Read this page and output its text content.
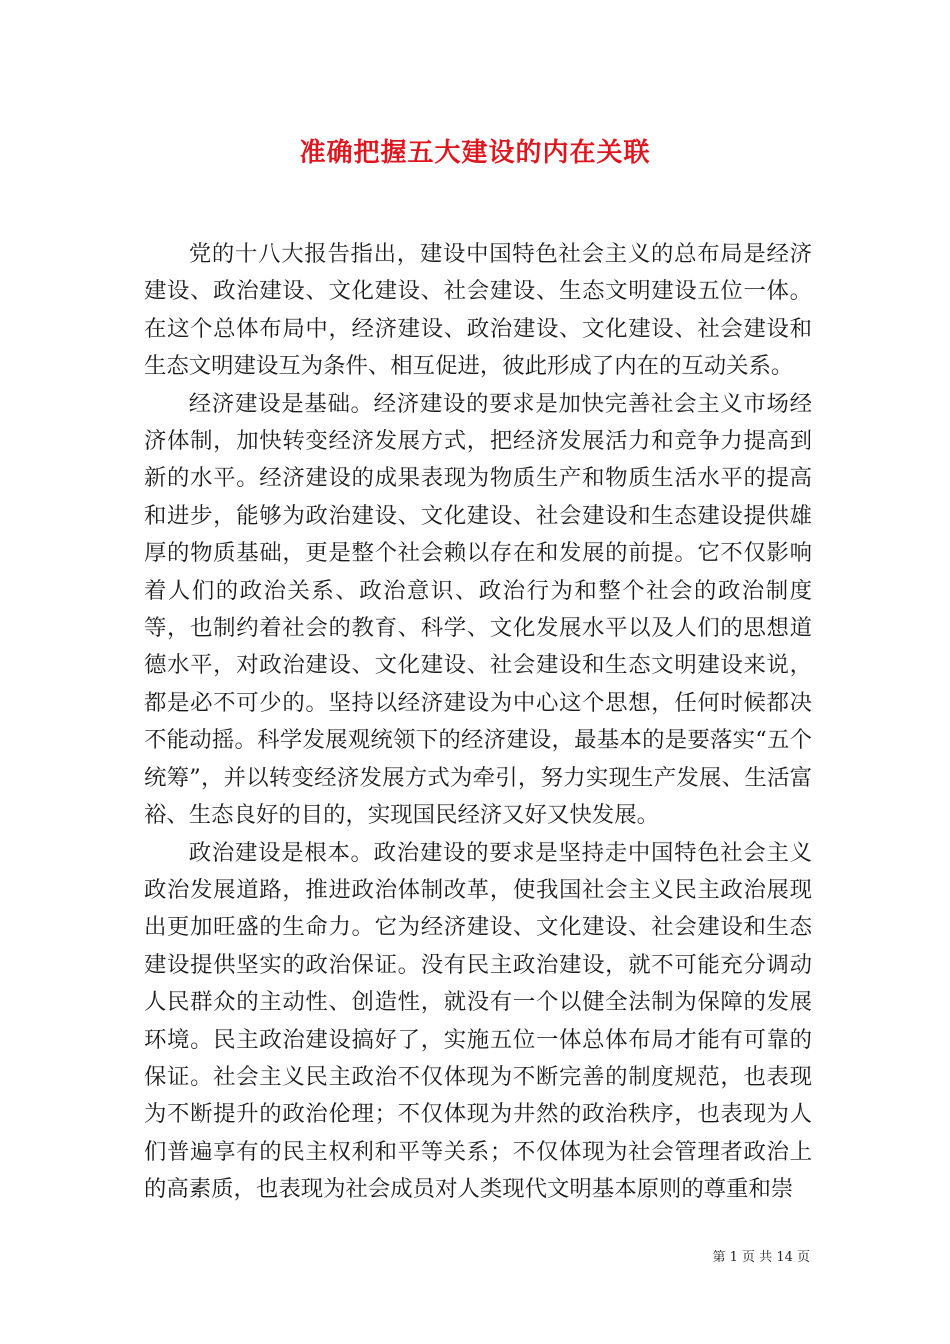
准确把握五大建设的内在关联

党的十八大报告指出，建设中国特色社会主义的总布局是经济建设、政治建设、文化建设、社会建设、生态文明建设五位一体。在这个总体布局中，经济建设、政治建设、文化建设、社会建设和生态文明建设互为条件、相互促进，彼此形成了内在的互动关系。

经济建设是基础。经济建设的要求是加快完善社会主义市场经济体制，加快转变经济发展方式，把经济发展活力和竞争力提高到新的水平。经济建设的成果表现为物质生产和物质生活水平的提高和进步，能够为政治建设、文化建设、社会建设和生态建设提供雄厚的物质基础，更是整个社会赖以存在和发展的前提。它不仅影响着人们的政治关系、政治意识、政治行为和整个社会的政治制度等，也制约着社会的教育、科学、文化发展水平以及人们的思想道德水平，对政治建设、文化建设、社会建设和生态文明建设来说，都是必不可少的。坚持以经济建设为中心这个思想，任何时候都决不能动摇。科学发展观统领下的经济建设，最基本的是要落实“五个统筹”，并以转变经济发展方式为牵引，努力实现生产发展、生活富裕、生态良好的目的，实现国民经济又好又快发展。

政治建设是根本。政治建设的要求是坚持走中国特色社会主义政治发展道路，推进政治体制改革，使我国社会主义民主政治展现出更加旺盛的生命力。它为经济建设、文化建设、社会建设和生态建设提供坚实的政治保证。没有民主政治建设，就不可能充分调动人民群众的主动性、创造性，就没有一个以健全法制为保障的发展环境。民主政治建设搞好了，实施五位一体总体布局才能有可靠的保证。社会主义民主政治不仅体现为不断完善的制度规范，也表现为不断提升的政治伦理；不仅体现为井然的政治秩序，也表现为人们普遍享有的民主权利和平等关系；不仅体现为社会管理者政治上的高素质，也表现为社会成员对人类现代文明基本原则的尊重和崇

第 1 页 共 14 页
